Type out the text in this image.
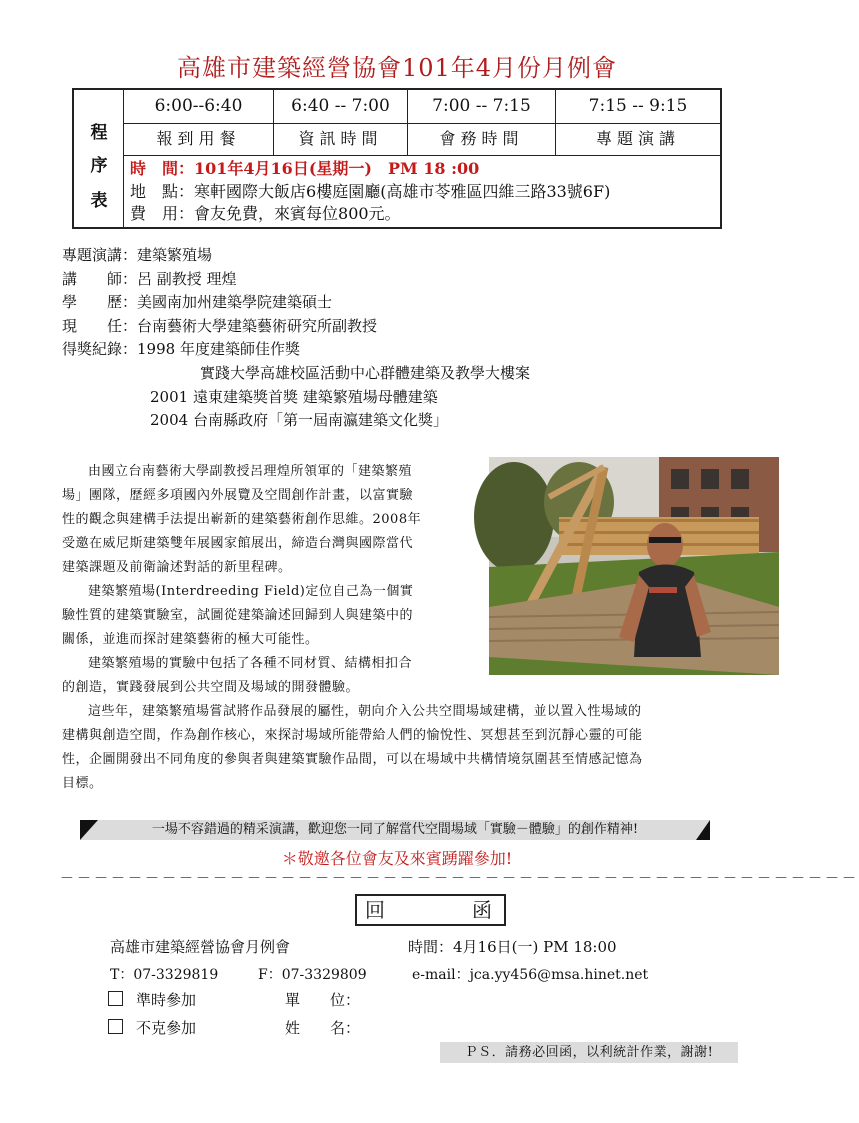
高雄市建築經營協會101年4月份月例會
程
序
表
6:00--6:40	6:40 -- 7:00	7:00 -- 7:15	7:15 -- 9:15
報到用餐	資訊時間	會務時間	專題演講
時　間：101年4月16日(星期一)　PM 18 :00
地　點：寒軒國際大飯店6樓庭園廳(高雄市苓雅區四維三路33號6F)
費　用：會友免費，來賓每位800元。
專題演講：建築繁殖場
講　　師：呂 副教授 理煌
學　　歷：美國南加州建築學院建築碩士
現　　任：台南藝術大學建築藝術研究所副教授
得獎紀錄：1998 年度建築師佳作獎
實踐大學高雄校區活動中心群體建築及教學大樓案
2001 遠東建築獎首獎 建築繁殖場母體建築
2004 台南縣政府「第一屆南瀛建築文化獎」
由國立台南藝術大學副教授呂理煌所領軍的「建築繁殖
場」團隊，歷經多項國內外展覽及空間創作計畫，以富實驗
性的觀念與建構手法提出嶄新的建築藝術創作思維。2008年
受邀在威尼斯建築雙年展國家館展出，締造台灣與國際當代
建築課題及前衛論述對話的新里程碑。
建築繁殖場(Interdreeding Field)定位自己為一個實
驗性質的建築實驗室，試圖從建築論述回歸到人與建築中的
關係，並進而探討建築藝術的極大可能性。
建築繁殖場的實驗中包括了各種不同材質、結構相扣合
的創造，實踐發展到公共空間及場域的開發體驗。
這些年，建築繁殖場嘗試將作品發展的屬性，朝向介入公共空間場域建構，並以置入性場域的
建構與創造空間，作為創作核心，來探討場域所能帶給人們的愉悅性、冥想甚至到沉靜心靈的可能
性，企圖開發出不同角度的參與者與建築實驗作品間，可以在場域中共構情境氛圍甚至情感記憶為
目標。
一場不容錯過的精采演講，歡迎您一同了解當代空間場域「實驗－體驗」的創作精神!
＊敬邀各位會友及來賓踴躍參加!
－－－－－－－－－－－－－－－－－－－－－－－－－－－－－－－－－－－－－－－－－－－－－－－
回	函
高雄市建築經營協會月例會	時間：4月16日(一) PM 18:00
T：07-3329819	F：07-3329809	e-mail：jca.yy456@msa.hinet.net
準時參加	單　　位：
不克參加	姓　　名：
ＰＳ．請務必回函，以利統計作業，謝謝!
